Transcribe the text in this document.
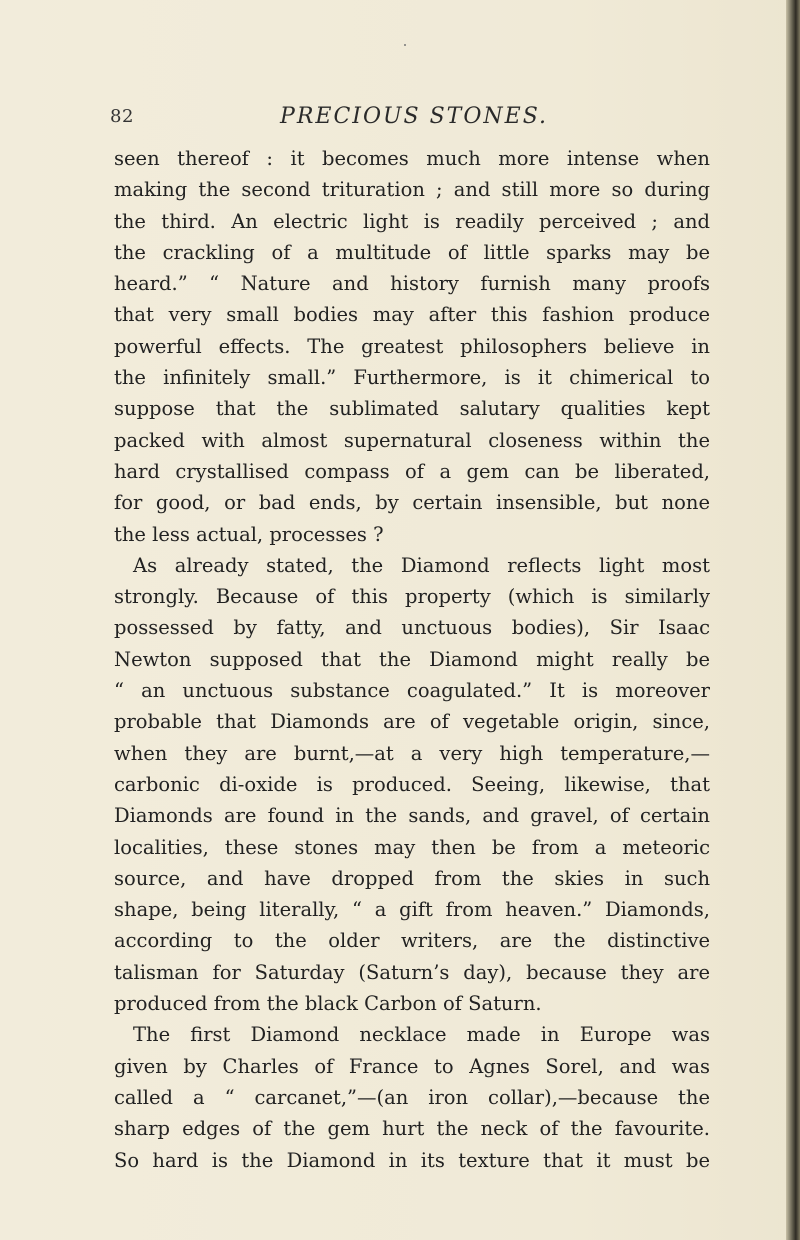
82	PRECIOUS STONES.
seen thereof : it becomes much more intense when
making the second trituration ; and still more so during
the third. An electric light is readily perceived ; and
the crackling of a multitude of little sparks may be
heard.” “ Nature and history furnish many proofs
that very small bodies may after this fashion produce
powerful effects. The greatest philosophers believe in
the infinitely small.” Furthermore, is it chimerical to
suppose that the sublimated salutary qualities kept
packed with almost supernatural closeness within the
hard crystallised compass of a gem can be liberated,
for good, or bad ends, by certain insensible, but none
the less actual, processes ?
As already stated, the Diamond reflects light most
strongly. Because of this property (which is similarly
possessed by fatty, and unctuous bodies), Sir Isaac
Newton supposed that the Diamond might really be
“ an unctuous substance coagulated.” It is moreover
probable that Diamonds are of vegetable origin, since,
when they are burnt,—at a very high temperature,—
carbonic di-oxide is produced. Seeing, likewise, that
Diamonds are found in the sands, and gravel, of certain
localities, these stones may then be from a meteoric
source, and have dropped from the skies in such
shape, being literally, “ a gift from heaven.” Diamonds,
according to the older writers, are the distinctive
talisman for Saturday (Saturn’s day), because they are
produced from the black Carbon of Saturn.
The first Diamond necklace made in Europe was
given by Charles of France to Agnes Sorel, and was
called a “ carcanet,”—(an iron collar),—because the
sharp edges of the gem hurt the neck of the favourite.
So hard is the Diamond in its texture that it must be
